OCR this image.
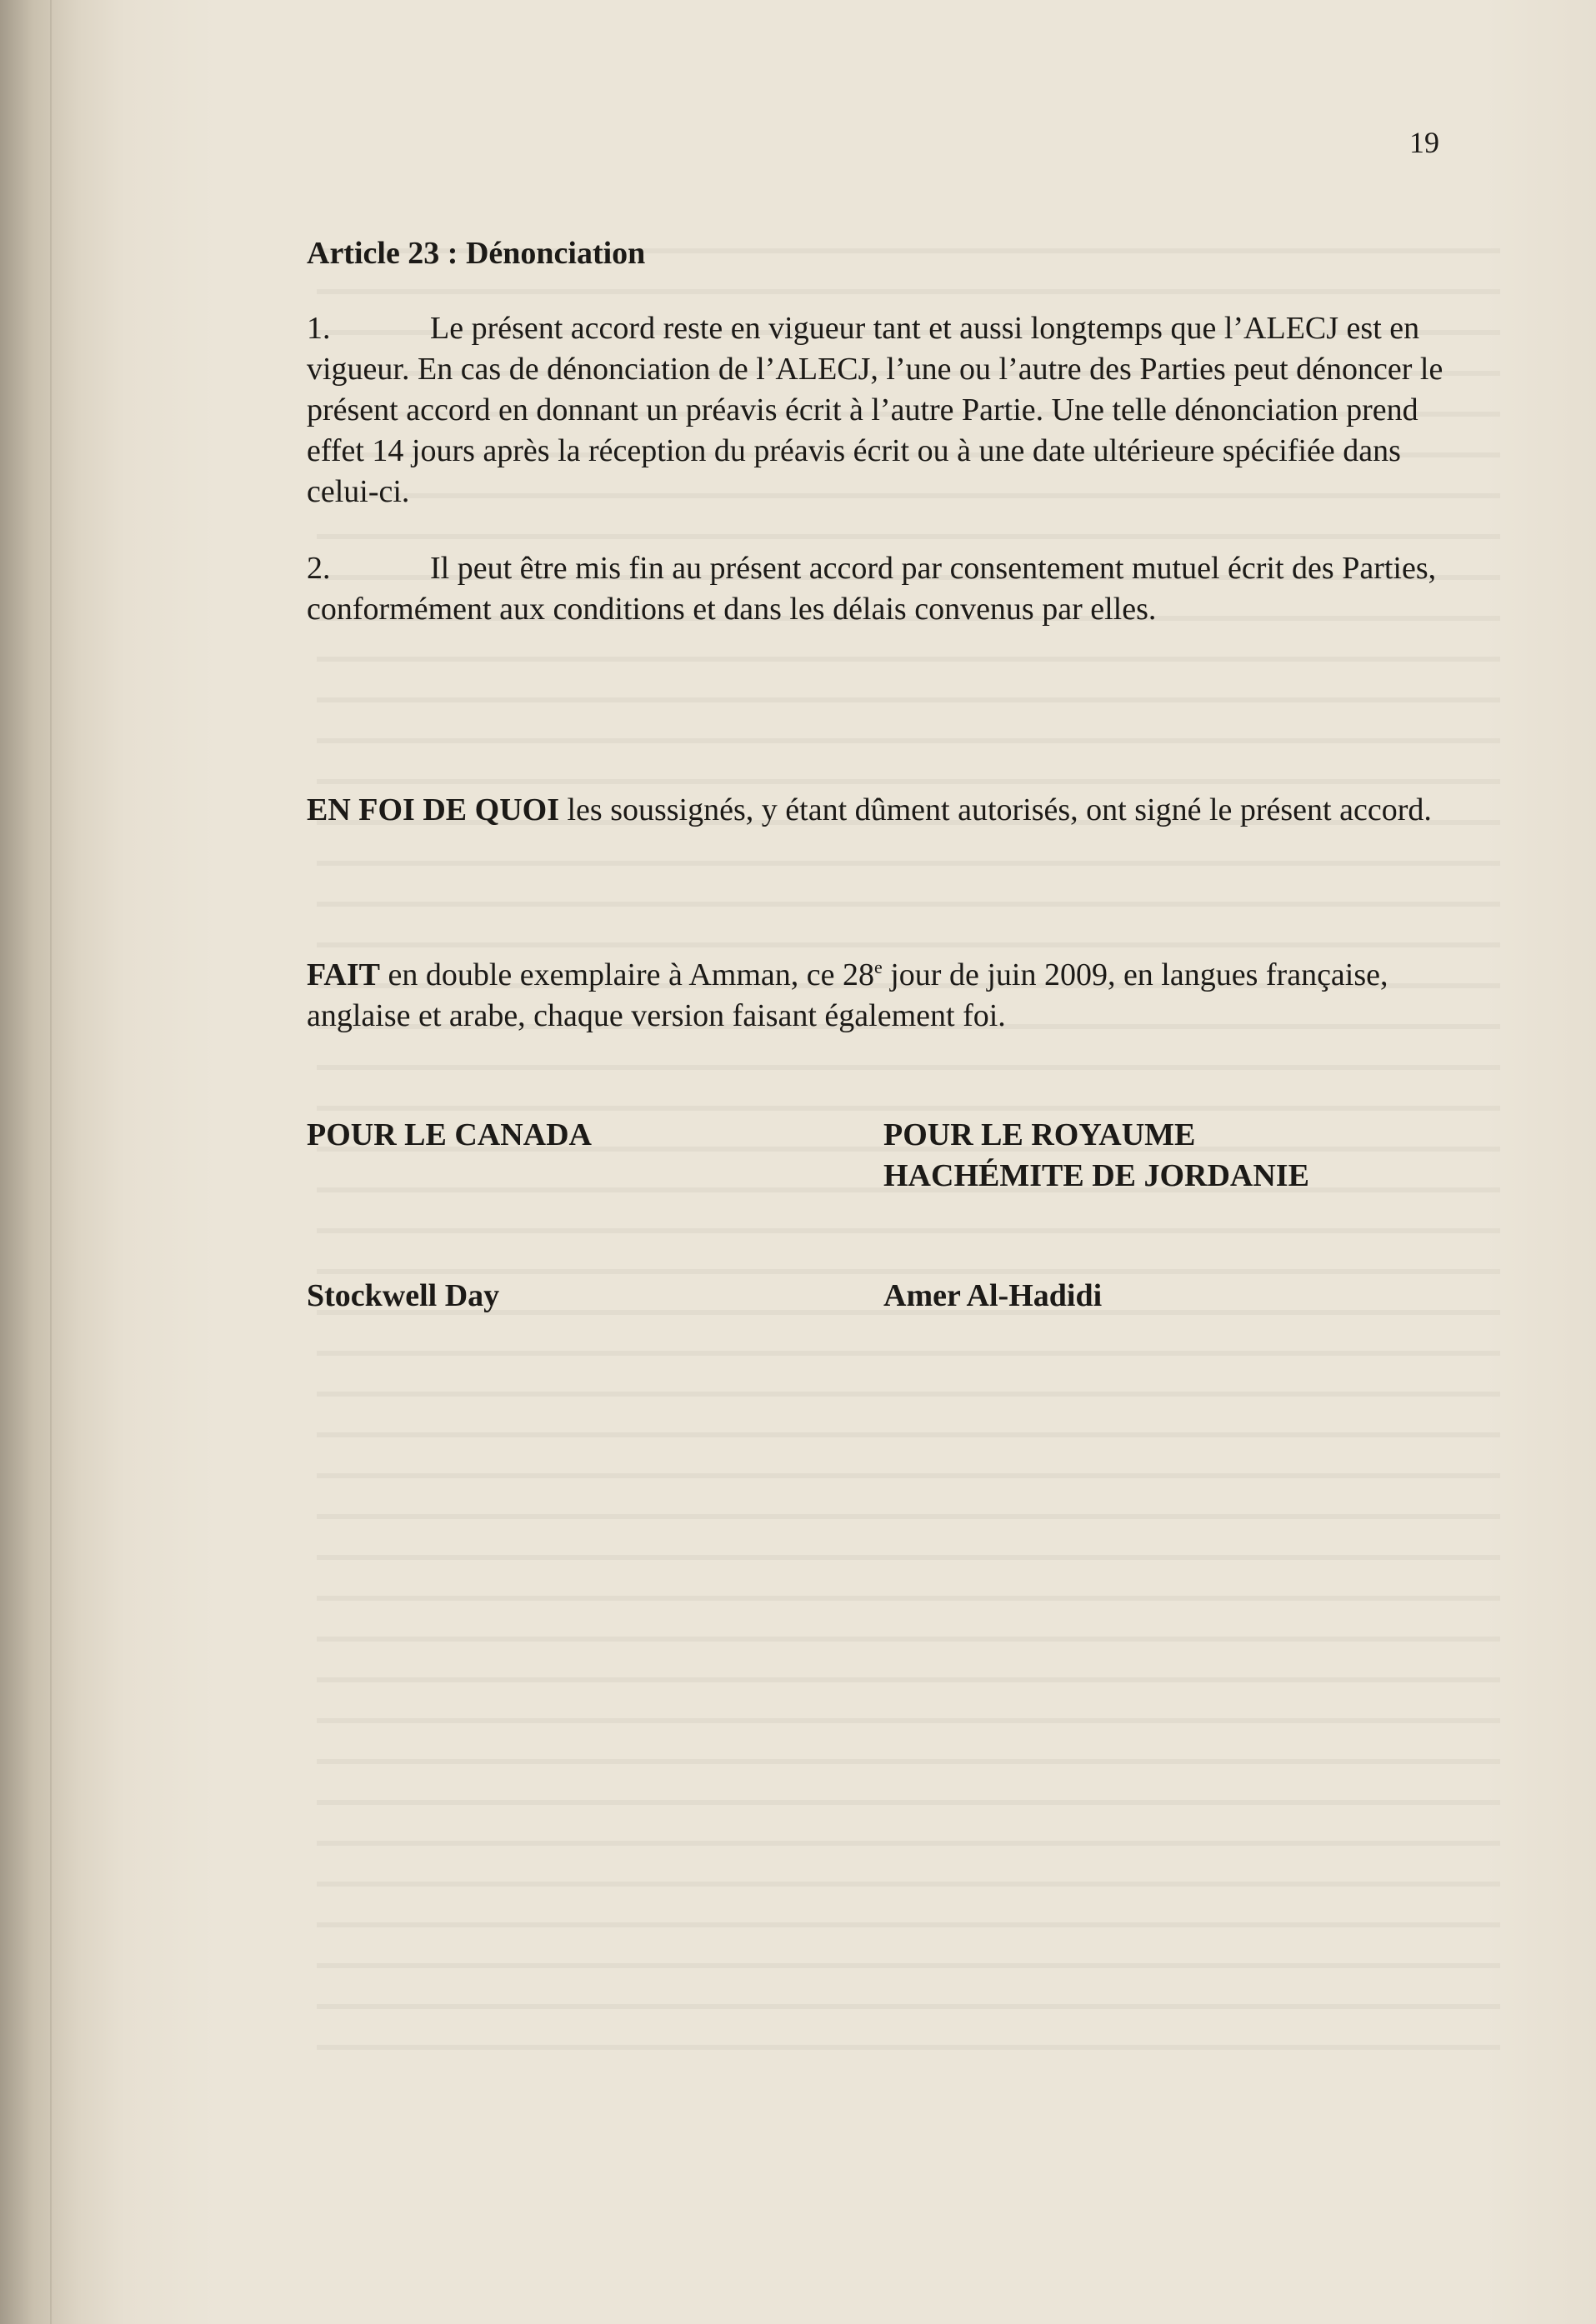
19
Article 23 : Dénonciation
1.	Le présent accord reste en vigueur tant et aussi longtemps que l’ALECJ est en vigueur. En cas de dénonciation de l’ALECJ, l’une ou l’autre des Parties peut dénoncer le présent accord en donnant un préavis écrit à l’autre Partie. Une telle dénonciation prend effet 14 jours après la réception du préavis écrit ou à une date ultérieure spécifiée dans celui-ci.
2.	Il peut être mis fin au présent accord par consentement mutuel écrit des Parties, conformément aux conditions et dans les délais convenus par elles.
EN FOI DE QUOI les soussignés, y étant dûment autorisés, ont signé le présent accord.
FAIT en double exemplaire à Amman, ce 28e jour de juin 2009, en langues française, anglaise et arabe, chaque version faisant également foi.
POUR LE CANADA	POUR LE ROYAUME
HACHÉMITE DE JORDANIE
Stockwell Day	Amer Al-Hadidi
